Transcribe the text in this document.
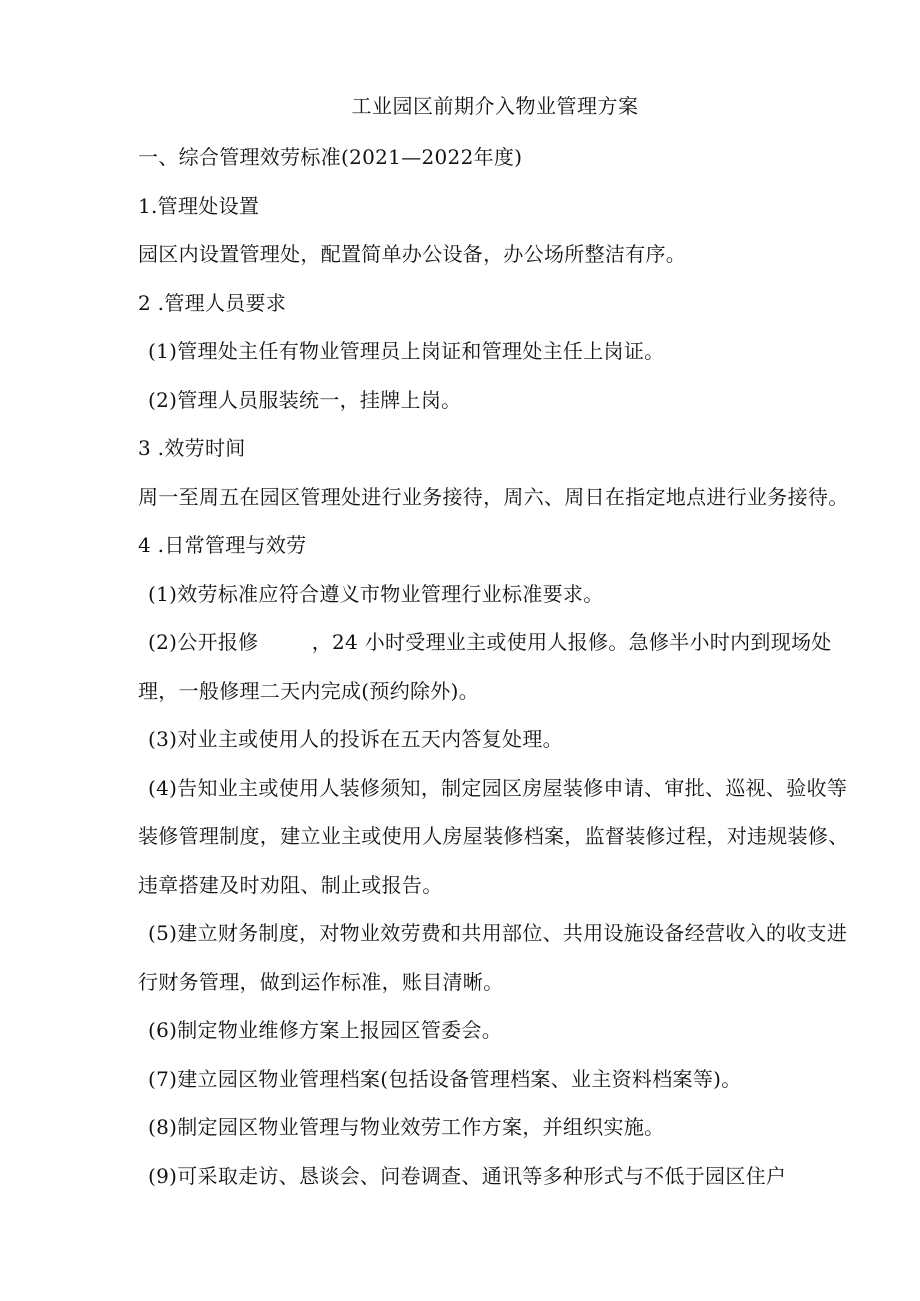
工业园区前期介入物业管理方案
一、综合管理效劳标准(2021—2022年度)
1.管理处设置
园区内设置管理处，配置简单办公设备，办公场所整洁有序。
2 .管理人员要求
(1)管理处主任有物业管理员上岗证和管理处主任上岗证。
(2)管理人员服装统一，挂牌上岗。
3 .效劳时间
周一至周五在园区管理处进行业务接待，周六、周日在指定地点进行业务接待。
4 .日常管理与效劳
(1)效劳标准应符合遵义市物业管理行业标准要求。
(2)公开报修        ，24 小时受理业主或使用人报修。急修半小时内到现场处
理，一般修理二天内完成(预约除外)。
(3)对业主或使用人的投诉在五天内答复处理。
(4)告知业主或使用人装修须知，制定园区房屋装修申请、审批、巡视、验收等
装修管理制度，建立业主或使用人房屋装修档案，监督装修过程，对违规装修、
违章搭建及时劝阻、制止或报告。
(5)建立财务制度，对物业效劳费和共用部位、共用设施设备经营收入的收支进
行财务管理，做到运作标准，账目清晰。
(6)制定物业维修方案上报园区管委会。
(7)建立园区物业管理档案(包括设备管理档案、业主资料档案等)。
(8)制定园区物业管理与物业效劳工作方案，并组织实施。
(9)可采取走访、恳谈会、问卷调查、通讯等多种形式与不低于园区住户
